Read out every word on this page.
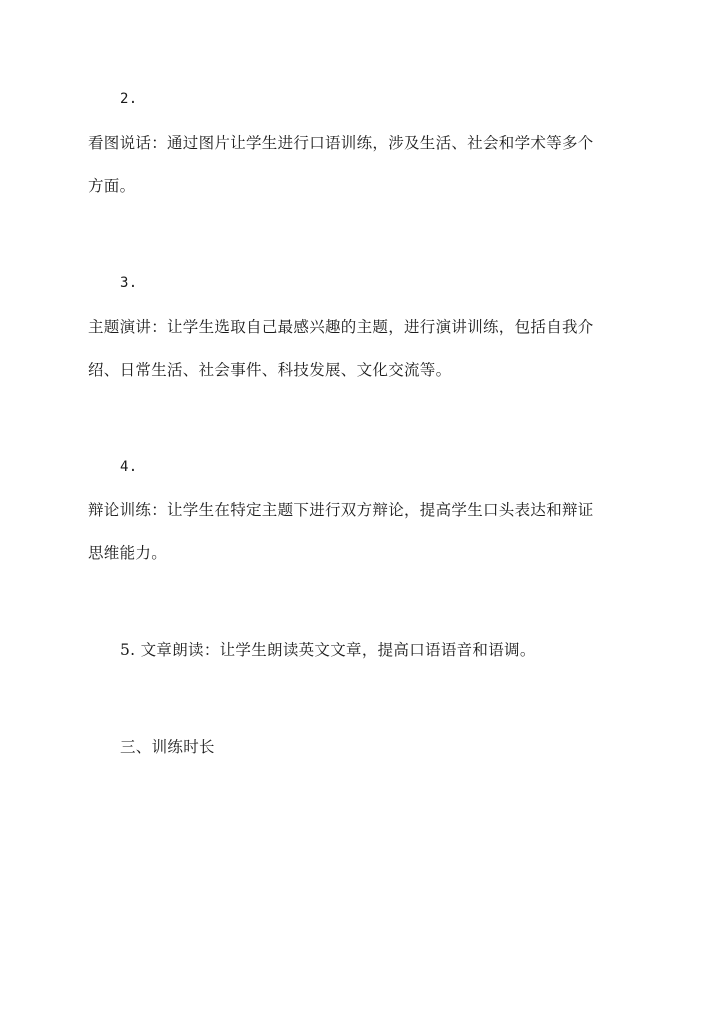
2.
看图说话：通过图片让学生进行口语训练，涉及生活、社会和学术等多个
方面。
3.
主题演讲：让学生选取自己最感兴趣的主题，进行演讲训练，包括自我介
绍、日常生活、社会事件、科技发展、文化交流等。
4.
辩论训练：让学生在特定主题下进行双方辩论，提高学生口头表达和辩证
思维能力。
5. 文章朗读：让学生朗读英文文章，提高口语语音和语调。
三、训练时长
